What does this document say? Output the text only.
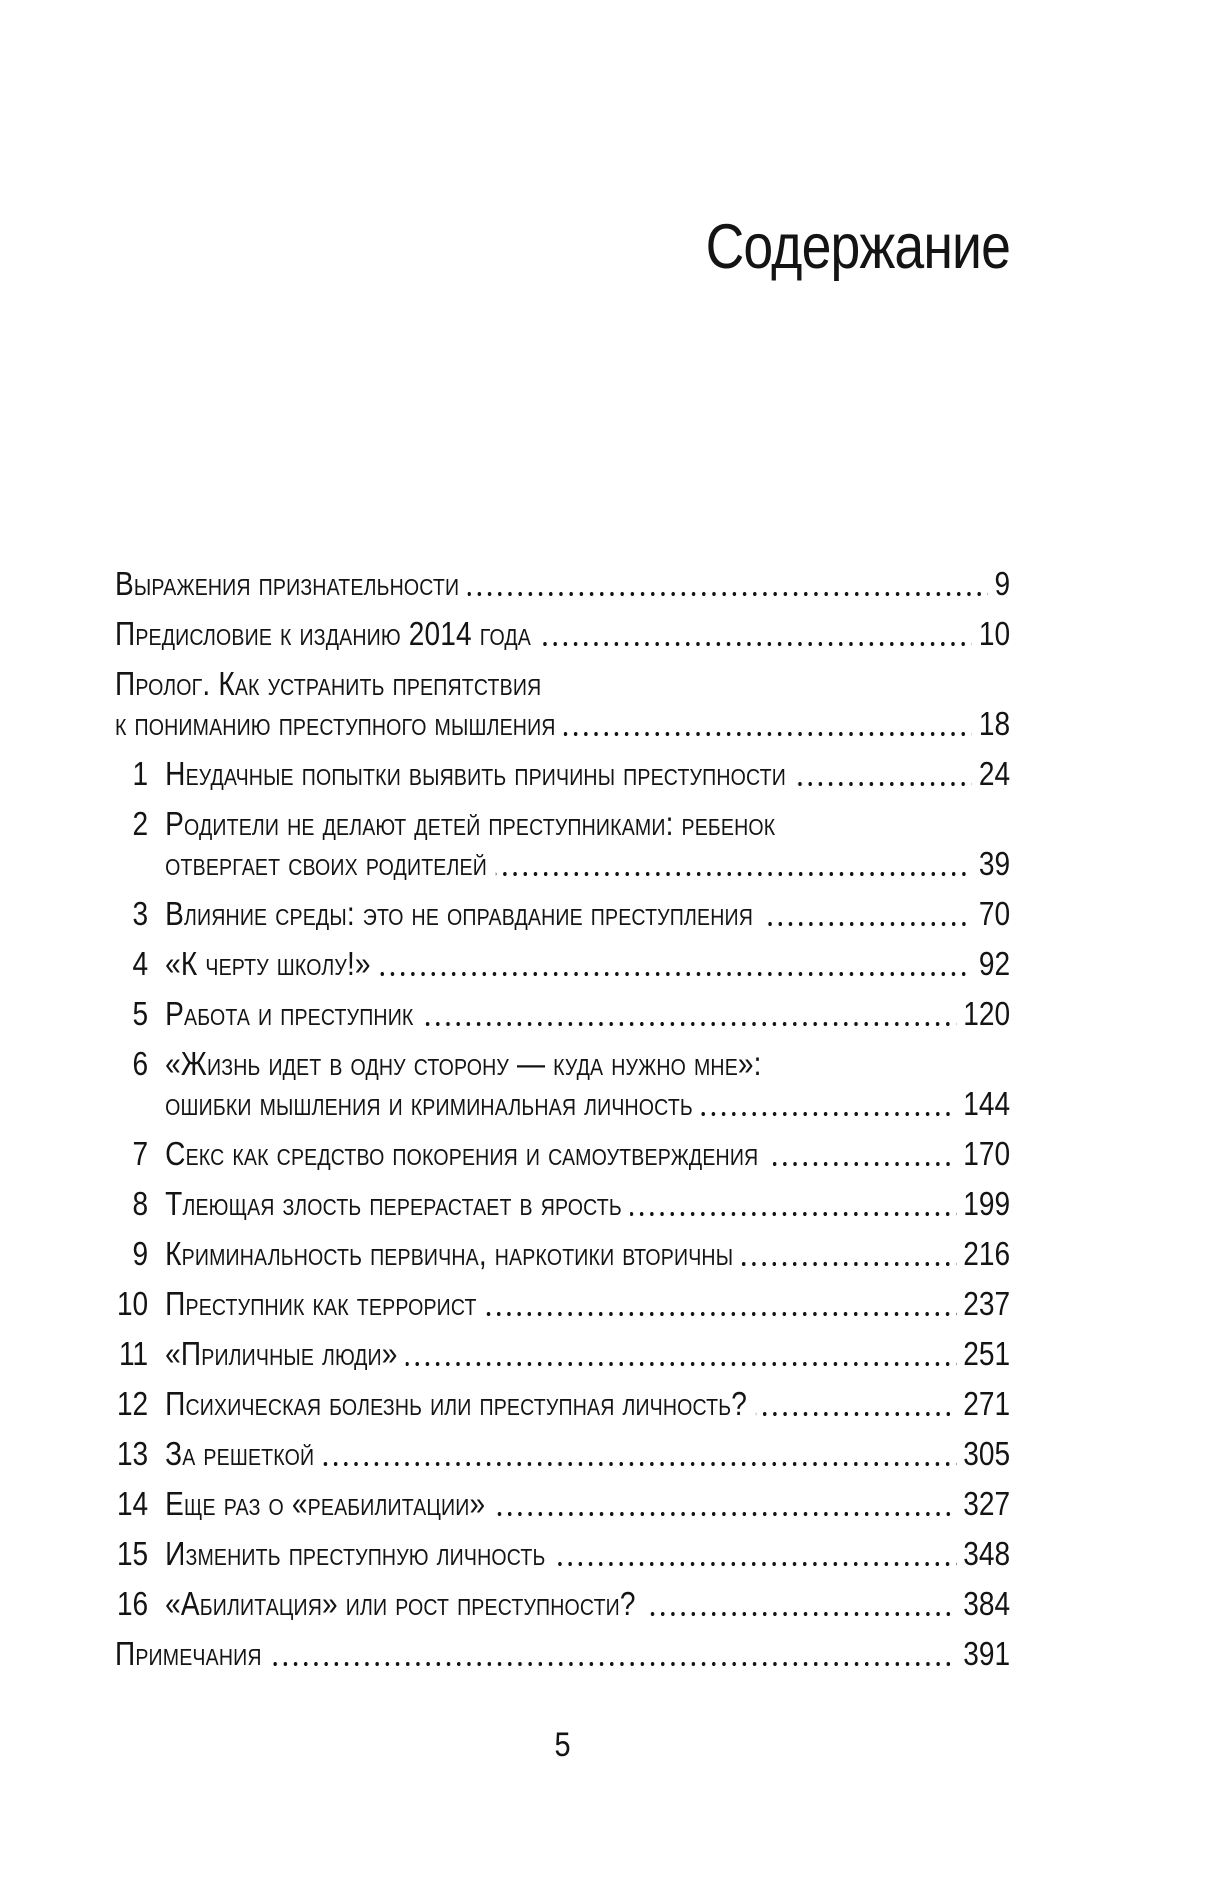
Содержание
Выражения признательности	9
Предисловие к изданию 2014 года	10
Пролог. Как устранить препятствия
к пониманию преступного мышления	18
1 Неудачные попытки выявить причины преступности	24
2 Родители не делают детей преступниками: ребенок
отвергает своих родителей	39
3 Влияние среды: это не оправдание преступления	70
4 «К черту школу!»	92
5 Работа и преступник	120
6 «Жизнь идет в одну сторону — куда нужно мне»:
ошибки мышления и криминальная личность	144
7 Секс как средство покорения и самоутверждения	170
8 Тлеющая злость перерастает в ярость	199
9 Криминальность первична, наркотики вторичны	216
10 Преступник как террорист	237
11 «Приличные люди»	251
12 Психическая болезнь или преступная личность?	271
13 За решеткой	305
14 Еще раз о «реабилитации»	327
15 Изменить преступную личность	348
16 «Абилитация» или рост преступности?	384
Примечания	391
5
